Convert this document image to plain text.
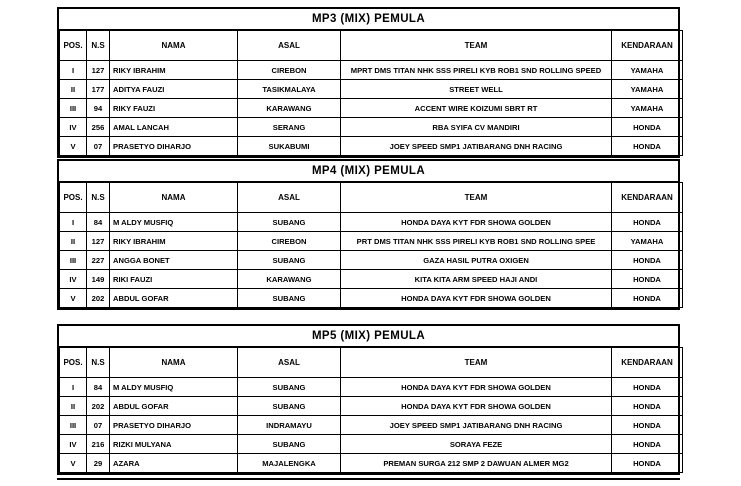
MP3 (MIX) PEMULA
POS.	N.S	NAMA	ASAL	TEAM	KENDARAAN
I	127	RIKY IBRAHIM	CIREBON	MPRT DMS TITAN NHK SSS PIRELI KYB ROB1 SND ROLLING SPEED	YAMAHA
II	177	ADITYA FAUZI	TASIKMALAYA	STREET WELL	YAMAHA
III	94	RIKY FAUZI	KARAWANG	ACCENT WIRE KOIZUMI SBRT RT	YAMAHA
IV	256	AMAL LANCAH	SERANG	RBA SYIFA CV MANDIRI	HONDA
V	07	PRASETYO DIHARJO	SUKABUMI	JOEY SPEED SMP1 JATIBARANG DNH RACING	HONDA
MP4 (MIX) PEMULA
POS.	N.S	NAMA	ASAL	TEAM	KENDARAAN
I	84	M ALDY MUSFIQ	SUBANG	HONDA DAYA KYT FDR SHOWA GOLDEN	HONDA
II	127	RIKY IBRAHIM	CIREBON	PRT DMS TITAN NHK SSS PIRELI KYB ROB1 SND ROLLING SPEE	YAMAHA
III	227	ANGGA BONET	SUBANG	GAZA HASIL PUTRA OXIGEN	HONDA
IV	149	RIKI FAUZI	KARAWANG	KITA KITA ARM SPEED HAJI ANDI	HONDA
V	202	ABDUL GOFAR	SUBANG	HONDA DAYA KYT FDR SHOWA GOLDEN	HONDA
MP5 (MIX) PEMULA
POS.	N.S	NAMA	ASAL	TEAM	KENDARAAN
I	84	M ALDY MUSFIQ	SUBANG	HONDA DAYA KYT FDR SHOWA GOLDEN	HONDA
II	202	ABDUL GOFAR	SUBANG	HONDA DAYA KYT FDR SHOWA GOLDEN	HONDA
III	07	PRASETYO DIHARJO	INDRAMAYU	JOEY SPEED SMP1 JATIBARANG DNH RACING	HONDA
IV	216	RIZKI MULYANA	SUBANG	SORAYA FEZE	HONDA
V	29	AZARA	MAJALENGKA	PREMAN SURGA 212 SMP 2 DAWUAN ALMER MG2	HONDA
